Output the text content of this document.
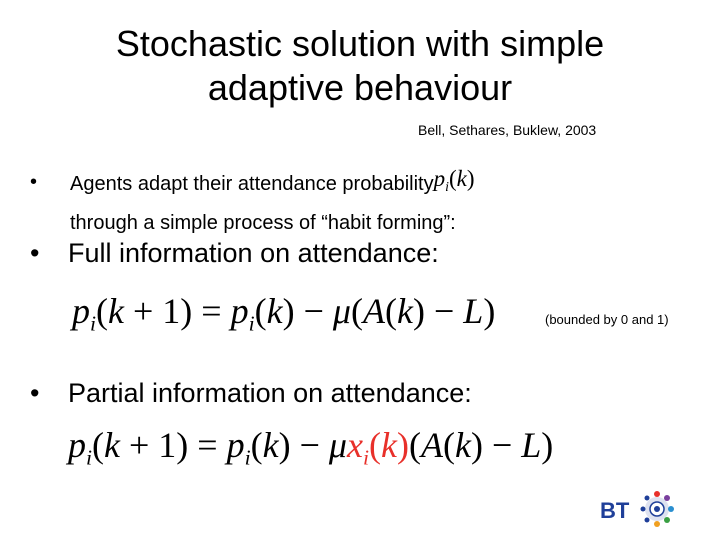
Stochastic solution with simple
adaptive behaviour
Bell, Sethares, Buklew, 2003
• Agents adapt their attendance probabilityp$_i$(k)
through a simple process of “habit forming”:
• Full information on attendance:
$p_i(k + 1) = p_i(k) - \mu(A(k) - L)$	(bounded by 0 and 1)
• Partial information on attendance:
$p_i(k + 1) = p_i(k) - \mu x_i(k)(A(k) - L)$
BT
